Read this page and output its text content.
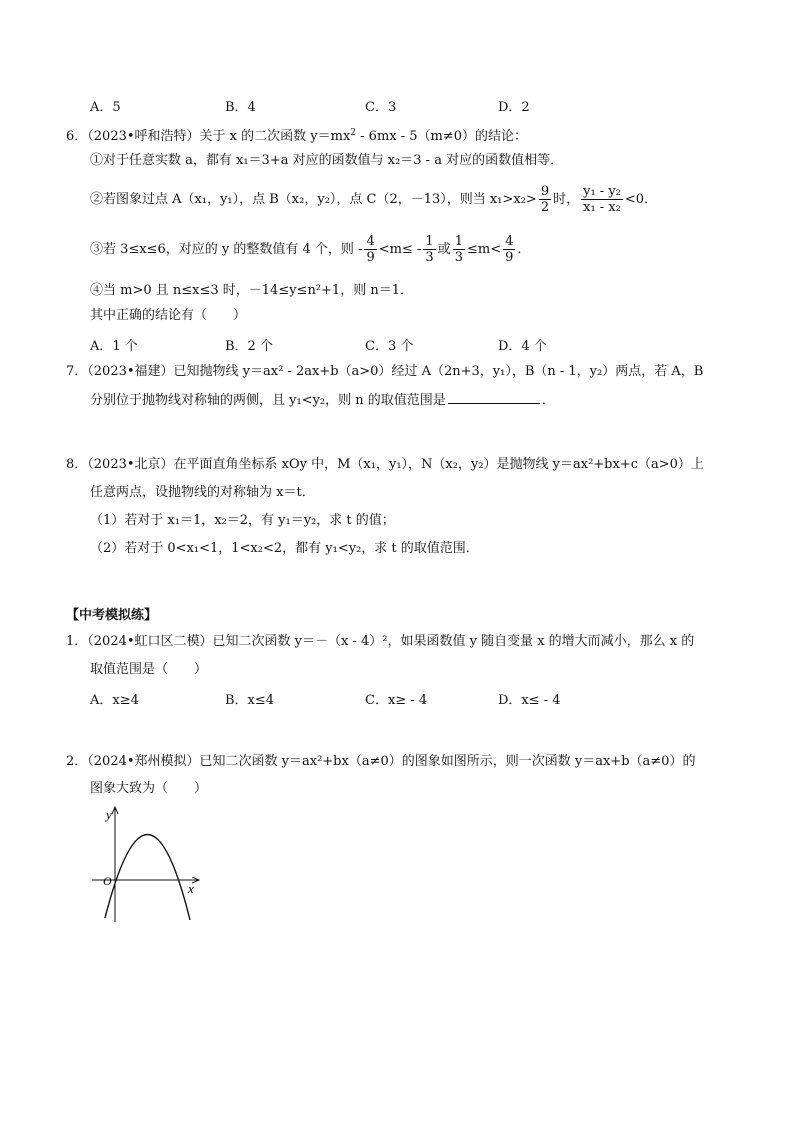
A．5	B．4	C．3	D．2
6．（2023•呼和浩特）关于 x 的二次函数 $y=mx^2 - 6mx - 5(m\ne 0)$的结论：
①对于任意实数 a，都有 x₁＝3+a 对应的函数值与 x₂＝3 - a 对应的函数值相等．
②若图象过点 A（x₁，y₁），点 B（x₂，y₂），点 C（2，－13），则当 $x_1>x_2> \frac{9}{2}$ 时， $\frac{\text{y₁ - y₂}}{\text{x₁ - x₂}} <0$．
③若 3≤x≤6，对应的 y 的整数值有 4 个，则 - $\frac{4}{9} <m\le - \frac{1}{3}$ 或 $\frac{1}{3} \le m< \frac{4}{9}$ ．
④当 m>0 且 n≤x≤3 时，－14≤y≤n²+1，则 n＝1．
其中正确的结论有（　　）
A．1 个	B．2 个	C．3 个	D．4 个
7．（2023•福建）已知抛物线 y＝ax² - 2ax+b（a>0）经过 A（2n+3，y₁），B（n - 1，y₂）两点，若 A，B
分别位于抛物线对称轴的两侧，且 y₁<y₂，则 n 的取值范围是	．
8．（2023•北京）在平面直角坐标系 xOy 中，M（x₁，y₁），N（x₂，y₂）是抛物线 y＝ax²+bx+c（a>0）上
任意两点，设抛物线的对称轴为 x＝t．
（1）若对于 x₁＝1，x₂＝2，有 y₁＝y₂，求 t 的值；
（2）若对于 0<x₁<1，1<x₂<2，都有 y₁<y₂，求 t 的取值范围．
【中考模拟练】
1．（2024•虹口区二模）已知二次函数 y＝－（x - 4）²，如果函数值 y 随自变量 x 的增大而减小，那么 x 的
取值范围是（　　）
A．x≥4	B．x≤4	C．x≥ - 4	D．x≤ - 4
2．（2024•郑州模拟）已知二次函数 y＝ax²+bx（a≠0）的图象如图所示，则一次函数 y＝ax+b（a≠0）的
图象大致为（　　）
y
x
O
